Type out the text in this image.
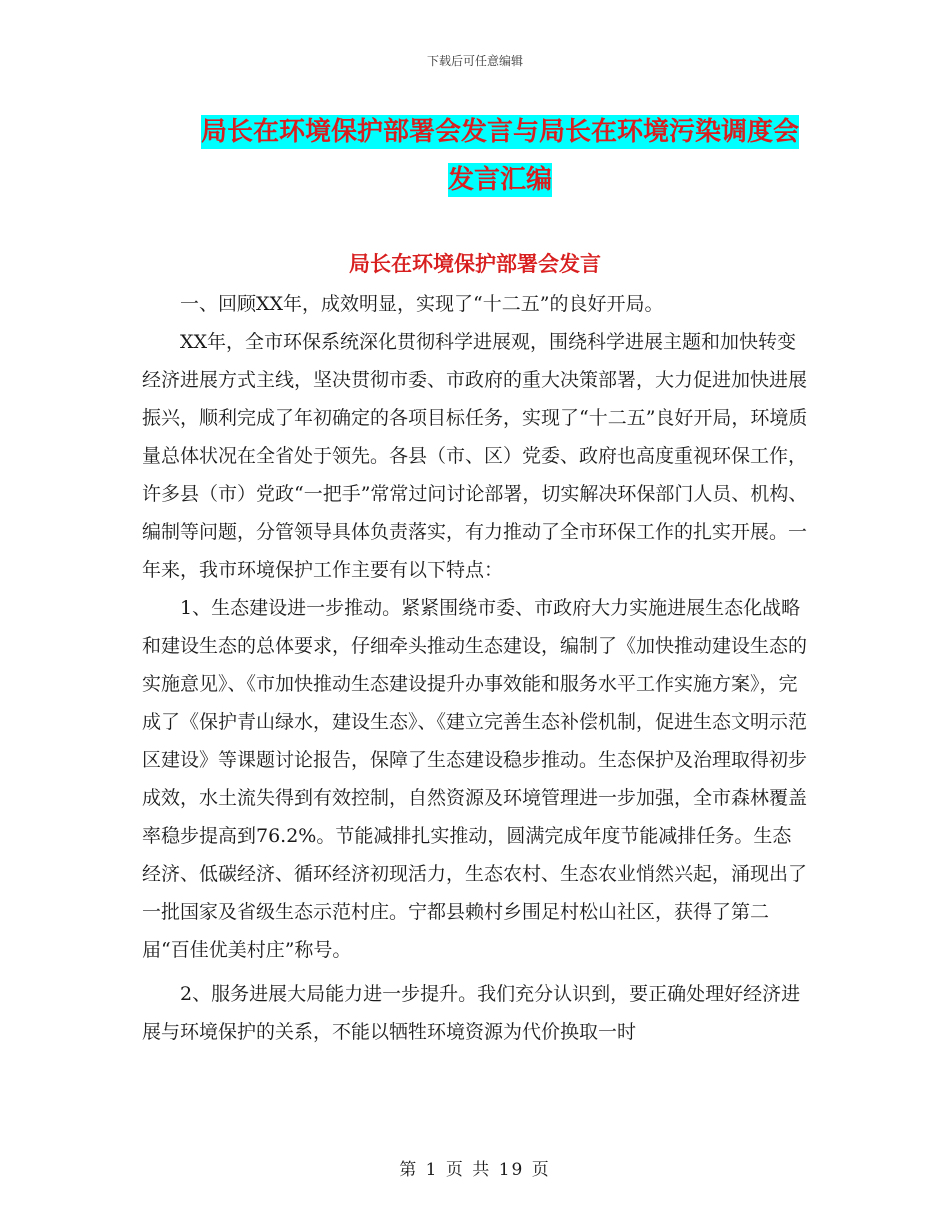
下载后可任意编辑
局长在环境保护部署会发言与局长在环境污染调度会
发言汇编
局长在环境保护部署会发言

一、回顾XX年，成效明显，实现了“十二五”的良好开局。

XX年，全市环保系统深化贯彻科学进展观，围绕科学进展主题和加快转变经济进展方式主线，坚决贯彻市委、市政府的重大决策部署，大力促进加快进展振兴，顺利完成了年初确定的各项目标任务，实现了“十二五”良好开局，环境质量总体状况在全省处于领先。各县（市、区）党委、政府也高度重视环保工作，许多县（市）党政“一把手”常常过问讨论部署，切实解决环保部门人员、机构、编制等问题，分管领导具体负责落实，有力推动了全市环保工作的扎实开展。一年来，我市环境保护工作主要有以下特点：

1、生态建设进一步推动。紧紧围绕市委、市政府大力实施进展生态化战略和建设生态的总体要求，仔细牵头推动生态建设，编制了《加快推动建设生态的实施意见》、《市加快推动生态建设提升办事效能和服务水平工作实施方案》，完成了《保护青山绿水，建设生态》、《建立完善生态补偿机制，促进生态文明示范区建设》等课题讨论报告，保障了生态建设稳步推动。生态保护及治理取得初步成效，水土流失得到有效控制，自然资源及环境管理进一步加强，全市森林覆盖率稳步提高到76.2%。节能减排扎实推动，圆满完成年度节能减排任务。生态经济、低碳经济、循环经济初现活力，生态农村、生态农业悄然兴起，涌现出了一批国家及省级生态示范村庄。宁都县赖村乡围足村松山社区，获得了第二届“百佳优美村庄”称号。

2、服务进展大局能力进一步提升。我们充分认识到，要正确处理好经济进展与环境保护的关系，不能以牺牲环境资源为代价换取一时

第 1 页 共 19 页
